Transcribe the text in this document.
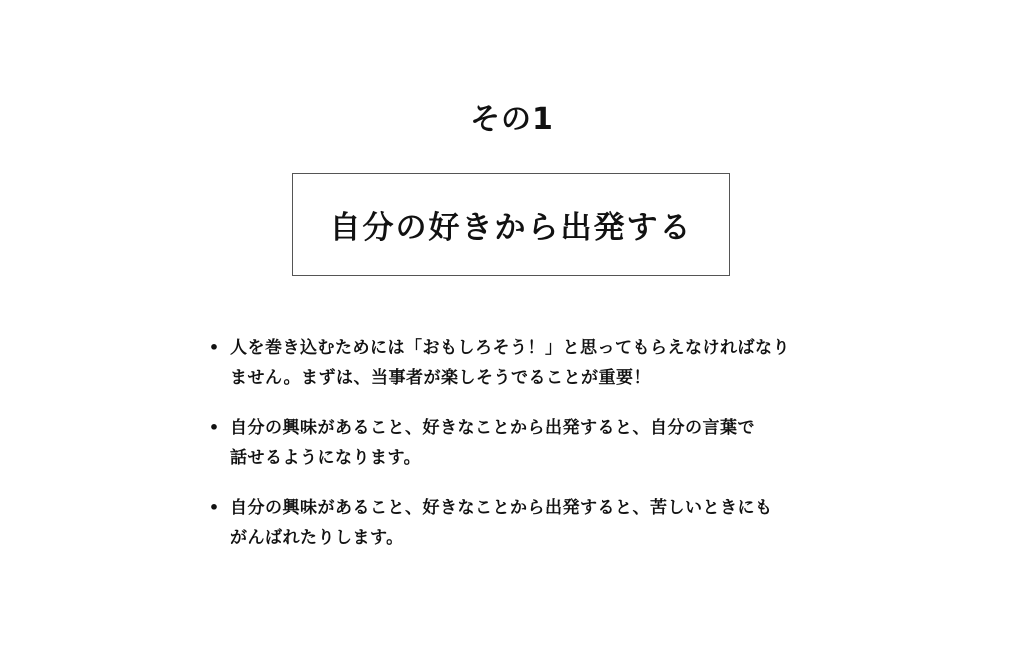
その1
自分の好きから出発する
• 人を巻き込むためには「おもしろそう！」と思ってもらえなければなり
ません。まずは、当事者が楽しそうでることが重要！
• 自分の興味があること、好きなことから出発すると、自分の言葉で
話せるようになります。
• 自分の興味があること、好きなことから出発すると、苦しいときにも
がんばれたりします。
